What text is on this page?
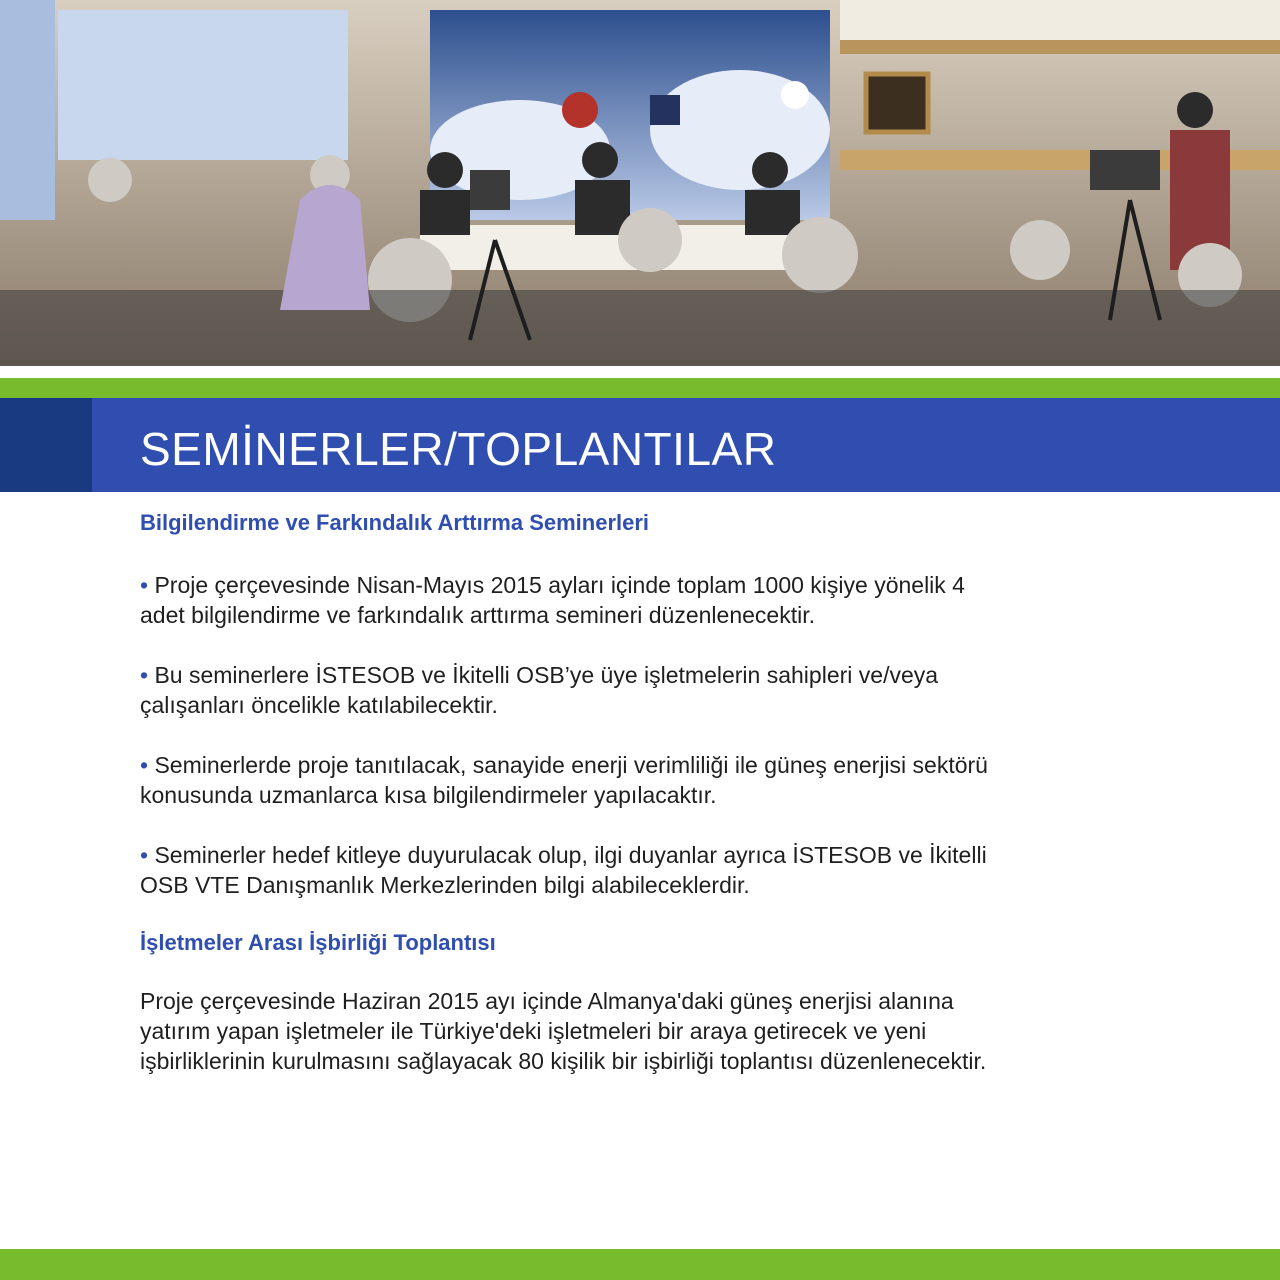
SEMİNERLER/TOPLANTILAR
Bilgilendirme ve Farkındalık Arttırma Seminerleri

• Proje çerçevesinde Nisan-Mayıs 2015 ayları içinde toplam 1000 kişiye yönelik 4

adet bilgilendirme ve farkındalık arttırma semineri düzenlenecektir.

• Bu seminerlere İSTESOB ve İkitelli OSB’ye üye işletmelerin sahipleri ve/veya

çalışanları öncelikle katılabilecektir.

• Seminerlerde proje tanıtılacak, sanayide enerji verimliliği ile güneş enerjisi sektörü

konusunda uzmanlarca kısa bilgilendirmeler yapılacaktır.

• Seminerler hedef kitleye duyurulacak olup, ilgi duyanlar ayrıca İSTESOB ve İkitelli

OSB VTE Danışmanlık Merkezlerinden bilgi alabileceklerdir.

İşletmeler Arası İşbirliği Toplantısı

Proje çerçevesinde Haziran 2015 ayı içinde Almanya'daki güneş enerjisi alanına

yatırım yapan işletmeler ile Türkiye'deki işletmeleri bir araya getirecek ve yeni

işbirliklerinin kurulmasını sağlayacak 80 kişilik bir işbirliği toplantısı düzenlenecektir.
